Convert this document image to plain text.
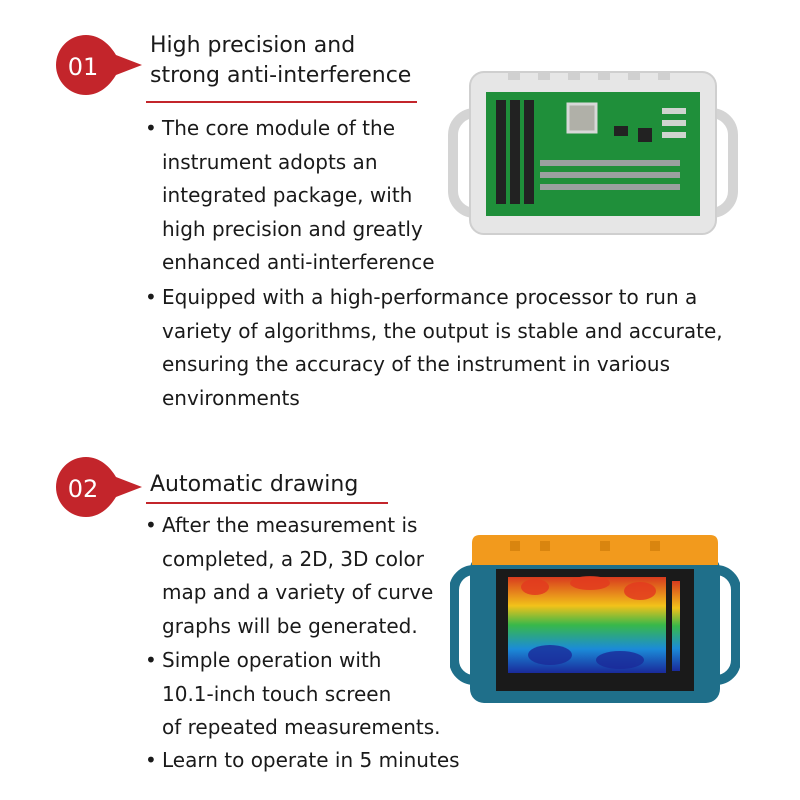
01
High precision and
strong anti-interference
• The core module of the
instrument adopts an
integrated package, with
high precision and greatly
enhanced anti-interference
• Equipped with a high-performance processor to run a
variety of algorithms, the output is stable and accurate,
ensuring the accuracy of the instrument in various
environments
02 Automatic drawing
• After the measurement is
completed, a 2D, 3D color
map and a variety of curve
graphs will be generated.
• Simple operation with
10.1-inch touch screen
of repeated measurements.
• Learn to operate in 5 minutes
